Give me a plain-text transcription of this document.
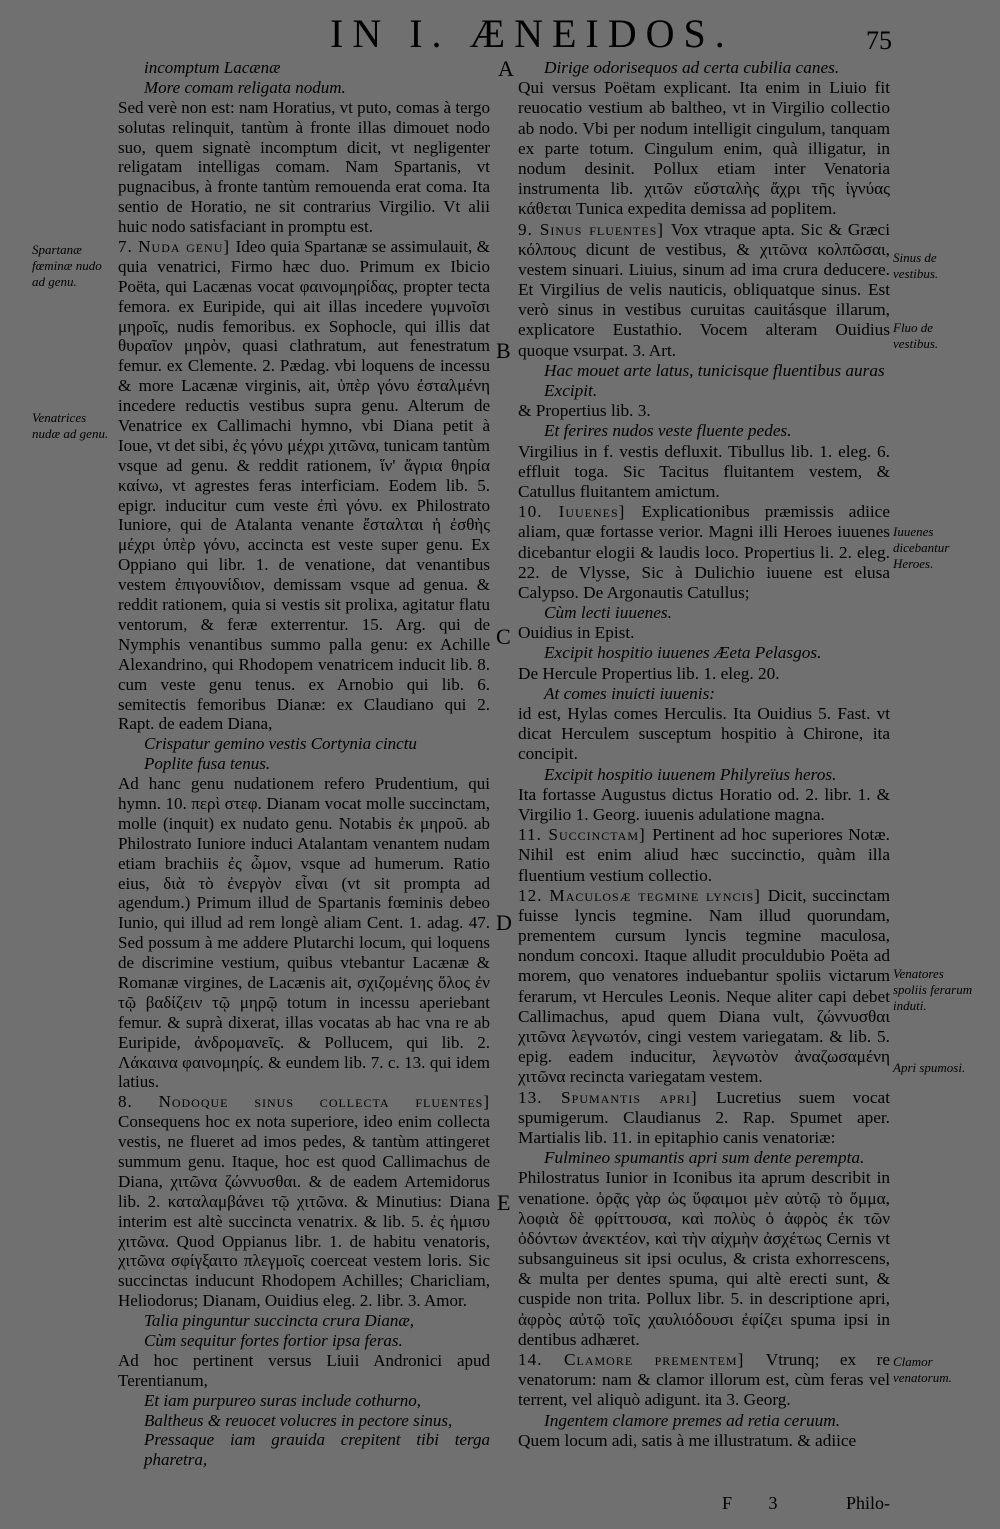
IN I. ÆNEIDOS.	75
A
B
C
D
E
Spartanæ fœminæ nudo ad genu.
Venatrices nudæ ad genu.
Sinus de vestibus.
Fluo de vestibus.
Iuuenes dicebantur Heroes.
Venatores spoliis ferarum induti.
Apri spumosi.
Clamor venatorum.

incomptum Lacænæ

More comam religata nodum.

Sed verè non est: nam Horatius, vt puto, comas à tergo solutas relinquit, tantùm à fronte illas dimouet nodo suo, quem signatè incomptum dicit, vt negligenter religatam intelligas comam. Nam Spartanis, vt pugnacibus, à fronte tantùm remouenda erat coma. Ita sentio de Horatio, ne sit contrarius Virgilio. Vt alii huic nodo satisfaciant in promptu est.

7. Nuda genu] Ideo quia Spartanæ se assimulauit, & quia venatrici, Firmo hæc duo. Primum ex Ibicio Poëta, qui Lacænas vocat φαινομηρίδας, propter tecta femora. ex Euripide, qui ait illas incedere γυμνοῖσι μηροῖς, nudis femoribus. ex Sophocle, qui illis dat θυραῖον μηρὸν, quasi clathratum, aut fenestratum femur. ex Clemente. 2. Pædag. vbi loquens de incessu & more Lacænæ virginis, ait, ὑπὲρ γόνυ ἐσταλμένη incedere reductis vestibus supra genu. Alterum de Venatrice ex Callimachi hymno, vbi Diana petit à Ioue, vt det sibi, ἐς γόνυ μέχρι χιτῶνα, tunicam tantùm vsque ad genu. & reddit rationem, ἵν' ἄγρια θηρία καίνω, vt agrestes feras interficiam. Eodem lib. 5. epigr. inducitur cum veste ἐπὶ γόνυ. ex Philostrato Iuniore, qui de Atalanta venante ἔσταλται ἡ ἐσθὴς μέχρι ὑπὲρ γόνυ, accincta est veste super genu. Ex Oppiano qui libr. 1. de venatione, dat venantibus vestem ἐπιγουνίδιον, demissam vsque ad genua. & reddit rationem, quia si vestis sit prolixa, agitatur flatu ventorum, & feræ exterrentur. 15. Arg. qui de Nymphis venantibus summo palla genu: ex Achille Alexandrino, qui Rhodopem venatricem inducit lib. 8. cum veste genu tenus. ex Arnobio qui lib. 6. semitectis femoribus Dianæ: ex Claudiano qui 2. Rapt. de eadem Diana,

Crispatur gemino vestis Cortynia cinctu

Poplite fusa tenus.

Ad hanc genu nudationem refero Prudentium, qui hymn. 10. περὶ στεφ. Dianam vocat molle succinctam, molle (inquit) ex nudato genu. Notabis ἐκ μηροῦ. ab Philostrato Iuniore induci Atalantam venantem nudam etiam brachiis ἐς ὦμον, vsque ad humerum. Ratio eius, διὰ τὸ ἐνεργὸν εἶναι (vt sit prompta ad agendum.) Primum illud de Spartanis fœminis debeo Iunio, qui illud ad rem longè aliam Cent. 1. adag. 47. Sed possum à me addere Plutarchi locum, qui loquens de discrimine vestium, quibus vtebantur Lacænæ & Romanæ virgines, de Lacænis ait, σχιζομένης ὅλος ἐν τῷ βαδίζειν τῷ μηρῷ totum in incessu aperiebant femur. & suprà dixerat, illas vocatas ab hac vna re ab Euripide, ἀνδρομανεῖς. & Pollucem, qui lib. 2. Λάκαινα φαινομηρίς. & eundem lib. 7. c. 13. qui idem latius.

8. Nodoque sinus collecta fluentes] Consequens hoc ex nota superiore, ideo enim collecta vestis, ne flueret ad imos pedes, & tantùm attingeret summum genu. Itaque, hoc est quod Callimachus de Diana, χιτῶνα ζώννυσθαι. & de eadem Artemidorus lib. 2. καταλαμβάνει τῷ χιτῶνα. & Minutius: Diana interim est altè succincta venatrix. & lib. 5. ἐς ἡμισυ χιτῶνα. Quod Oppianus libr. 1. de habitu venatoris, χιτῶνα σφίγξαιτο πλεγμοῖς coerceat vestem loris. Sic succinctas inducunt Rhodopem Achilles; Charicliam, Heliodorus; Dianam, Ouidius eleg. 2. libr. 3. Amor.

Talia pinguntur succincta crura Dianæ,

Cùm sequitur fortes fortior ipsa feras.

Ad hoc pertinent versus Liuii Andronici apud Terentianum,

Et iam purpureo suras include cothurno,

Baltheus & reuocet volucres in pectore sinus,

Pressaque iam grauida crepitent tibi terga pharetra,

Dirige odorisequos ad certa cubilia canes.

Qui versus Poëtam explicant. Ita enim in Liuio fit reuocatio vestium ab baltheo, vt in Virgilio collectio ab nodo. Vbi per nodum intelligit cingulum, tanquam ex parte totum. Cingulum enim, quà illigatur, in nodum desinit. Pollux etiam inter Venatoria instrumenta lib. χιτῶν εὔσταλὴς ἄχρι τῆς ἰγνύας κάθεται Tunica expedita demissa ad poplitem.

9. Sinus fluentes] Vox vtraque apta. Sic & Græci κόλπους dicunt de vestibus, & χιτῶνα κολπῶσαι, vestem sinuari. Liuius, sinum ad ima crura deducere. Et Virgilius de velis nauticis, obliquatque sinus. Est verò sinus in vestibus curuitas cauitásque illarum, explicatore Eustathio. Vocem alteram Ouidius quoque vsurpat. 3. Art.

Hac mouet arte latus, tunicisque fluentibus auras

Excipit.

& Propertius lib. 3.

Et ferires nudos veste fluente pedes.

Virgilius in f. vestis defluxit. Tibullus lib. 1. eleg. 6. effluit toga. Sic Tacitus fluitantem vestem, & Catullus fluitantem amictum.

10. Iuuenes] Explicationibus præmissis adiice aliam, quæ fortasse verior. Magni illi Heroes iuuenes dicebantur elogii & laudis loco. Propertius li. 2. eleg. 22. de Vlysse, Sic à Dulichio iuuene est elusa Calypso. De Argonautis Catullus;

Cùm lecti iuuenes.

Ouidius in Epist.

Excipit hospitio iuuenes Æeta Pelasgos.

De Hercule Propertius lib. 1. eleg. 20.

At comes inuicti iuuenis:

id est, Hylas comes Herculis. Ita Ouidius 5. Fast. vt dicat Herculem susceptum hospitio à Chirone, ita concipit.

Excipit hospitio iuuenem Philyreïus heros.

Ita fortasse Augustus dictus Horatio od. 2. libr. 1. & Virgilio 1. Georg. iuuenis adulatione magna.

11. Succinctam] Pertinent ad hoc superiores Notæ. Nihil est enim aliud hæc succinctio, quàm illa fluentium vestium collectio.

12. Maculosæ tegmine lyncis] Dicit, succinctam fuisse lyncis tegmine. Nam illud quorundam, prementem cursum lyncis tegmine maculosa, nondum concoxi. Itaque alludit proculdubio Poëta ad morem, quo venatores induebantur spoliis victarum ferarum, vt Hercules Leonis. Neque aliter capi debet Callimachus, apud quem Diana vult, ζώννυσθαι χιτῶνα λεγνωτόν, cingi vestem variegatam. & lib. 5. epig. eadem inducitur, λεγνωτὸν ἀναζωσαμένη χιτῶνα recincta variegatam vestem.

13. Spumantis apri] Lucretius suem vocat spumigerum. Claudianus 2. Rap. Spumet aper. Martialis lib. 11. in epitaphio canis venatoriæ:

Fulmineo spumantis apri sum dente perempta.

Philostratus Iunior in Iconibus ita aprum describit in venatione. ὁρᾷς γὰρ ὡς ὕφαιμοι μὲν αὐτῷ τὸ ὄμμα, λοφιὰ δὲ φρίττουσα, καὶ πολὺς ὁ ἀφρὸς ἐκ τῶν ὀδόντων ἀνεκτέον, καὶ τὴν αἰχμὴν ἀσχέτως Cernis vt subsanguineus sit ipsi oculus, & crista exhorrescens, & multa per dentes spuma, qui altè erecti sunt, & cuspide non trita. Pollux libr. 5. in descriptione apri, ἀφρὸς αὐτῷ τοῖς χαυλιόδουσι ἐφίζει spuma ipsi in dentibus adhæret.

14. Clamore prementem] Vtrunq; ex re venatorum: nam & clamor illorum est, cùm feras vel terrent, vel aliquò adigunt. ita 3. Georg.

Ingentem clamore premes ad retia ceruum.

Quem locum adi, satis à me illustratum. & adiice

F 3	Philo-
